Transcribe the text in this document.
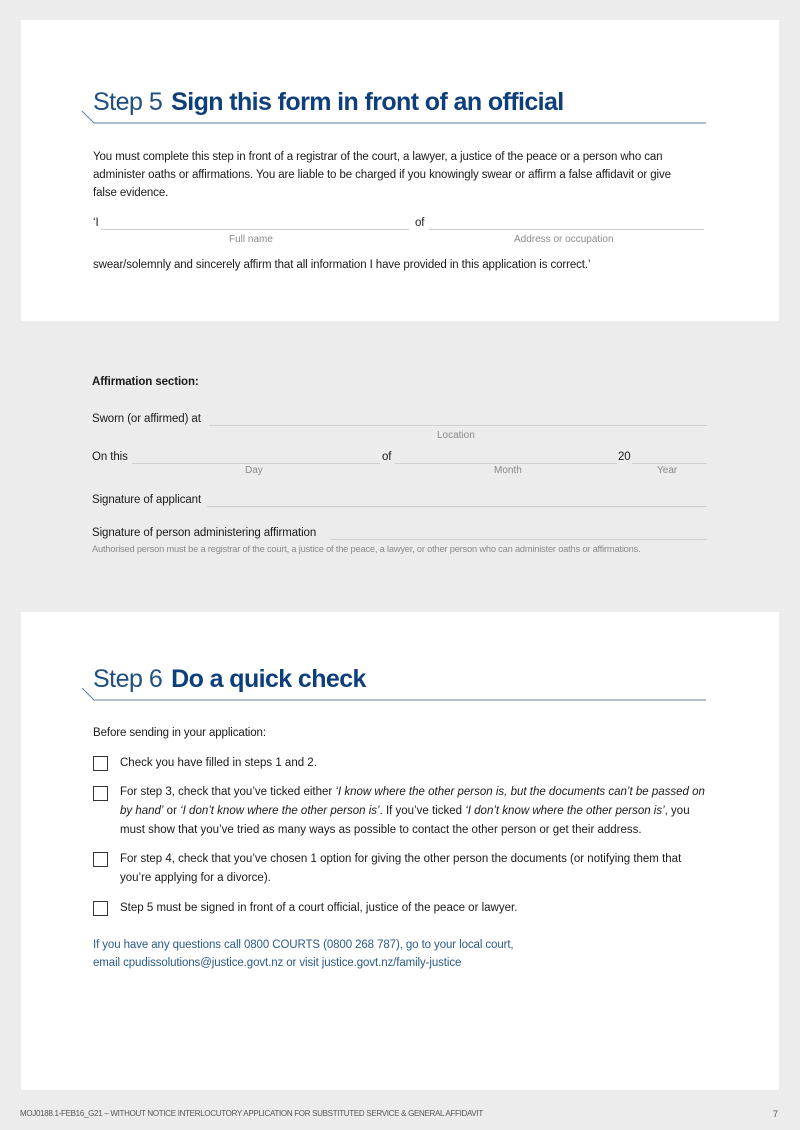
Step 5 Sign this form in front of an official
You must complete this step in front of a registrar of the court, a lawyer, a justice of the peace or a person who can
administer oaths or affirmations. You are liable to be charged if you knowingly swear or affirm a false affidavit or give
false evidence.
‘I	of
Full name	Address or occupation
swear/solemnly and sincerely affirm that all information I have provided in this application is correct.’
Affirmation section:
Sworn (or affirmed) at
Location
On this	of	20
Day	Month	Year
Signature of applicant
Signature of person administering affirmation
Authorised person must be a registrar of the court, a justice of the peace, a lawyer, or other person who can administer oaths or affirmations.
Step 6 Do a quick check
Before sending in your application:
Check you have filled in steps 1 and 2.
For step 3, check that you’ve ticked either ‘I know where the other person is, but the documents can’t be passed on by hand’ or ‘I don’t know where the other person is’. If you’ve ticked ‘I don’t know where the other person is’, you must show that you’ve tried as many ways as possible to contact the other person or get their address.
For step 4, check that you’ve chosen 1 option for giving the other person the documents (or notifying them that you’re applying for a divorce).
Step 5 must be signed in front of a court official, justice of the peace or lawyer.
If you have any questions call 0800 COURTS (0800 268 787), go to your local court,
email cpudissolutions@justice.govt.nz or visit justice.govt.nz/family-justice
MOJ0188.1-FEB16_G21 – WITHOUT NOTICE INTERLOCUTORY APPLICATION FOR SUBSTITUTED SERVICE & GENERAL AFFIDAVIT	7
